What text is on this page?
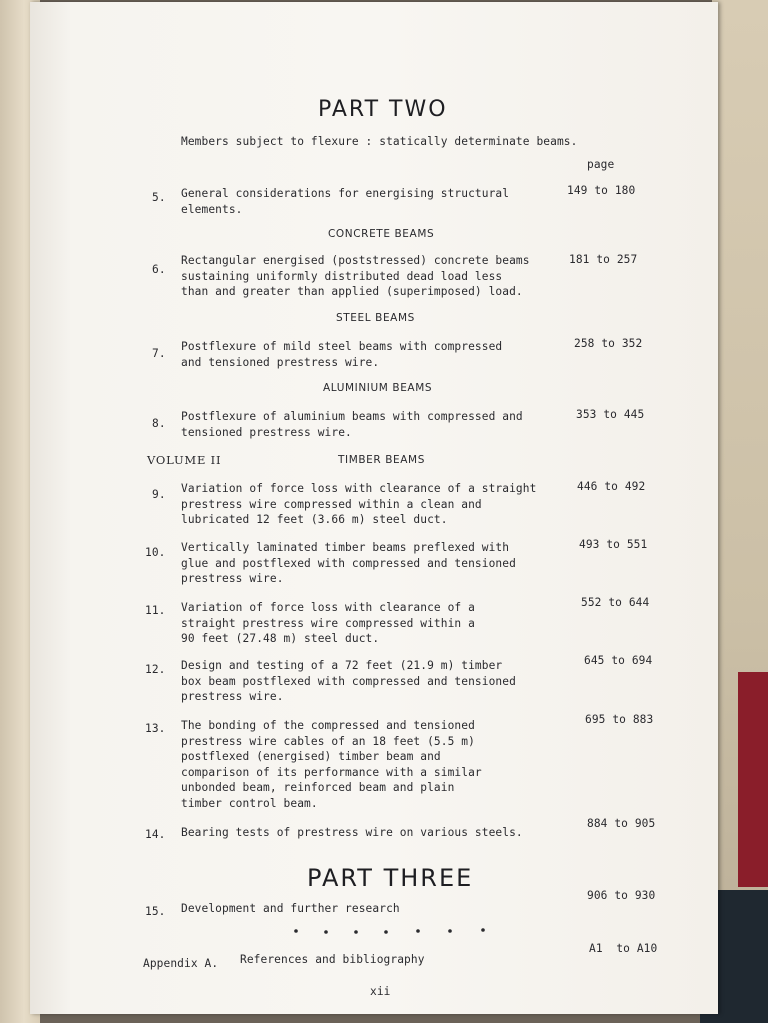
PART TWO
Members subject to flexure : statically determinate beams.
page
5. General considerations for energising structural
elements.
149 to 180
CONCRETE BEAMS
6.
Rectangular energised (poststressed) concrete beams
sustaining uniformly distributed dead load less
than and greater than applied (superimposed) load.
181 to 257
STEEL BEAMS
7.
Postflexure of mild steel beams with compressed
and tensioned prestress wire.
258 to 352
ALUMINIUM BEAMS
8.
Postflexure of aluminium beams with compressed and
tensioned prestress wire.
353 to 445
VOLUME II	TIMBER BEAMS
9. Variation of force loss with clearance of a straight
prestress wire compressed within a clean and
lubricated 12 feet (3.66 m) steel duct.
446 to 492
10. Vertically laminated timber beams preflexed with
glue and postflexed with compressed and tensioned
prestress wire.
493 to 551
11. Variation of force loss with clearance of a
straight prestress wire compressed within a
90 feet (27.48 m) steel duct.
552 to 644
12. Design and testing of a 72 feet (21.9 m) timber
box beam postflexed with compressed and tensioned
prestress wire.
645 to 694
13. The bonding of the compressed and tensioned
prestress wire cables of an 18 feet (5.5 m)
postflexed (energised) timber beam and
comparison of its performance with a similar
unbonded beam, reinforced beam and plain
timber control beam.
695 to 883
14. Bearing tests of prestress wire on various steels.
884 to 905
PART THREE
15. Development and further research
906 to 930
Appendix A. References and bibliography
A1  to A10
xii
